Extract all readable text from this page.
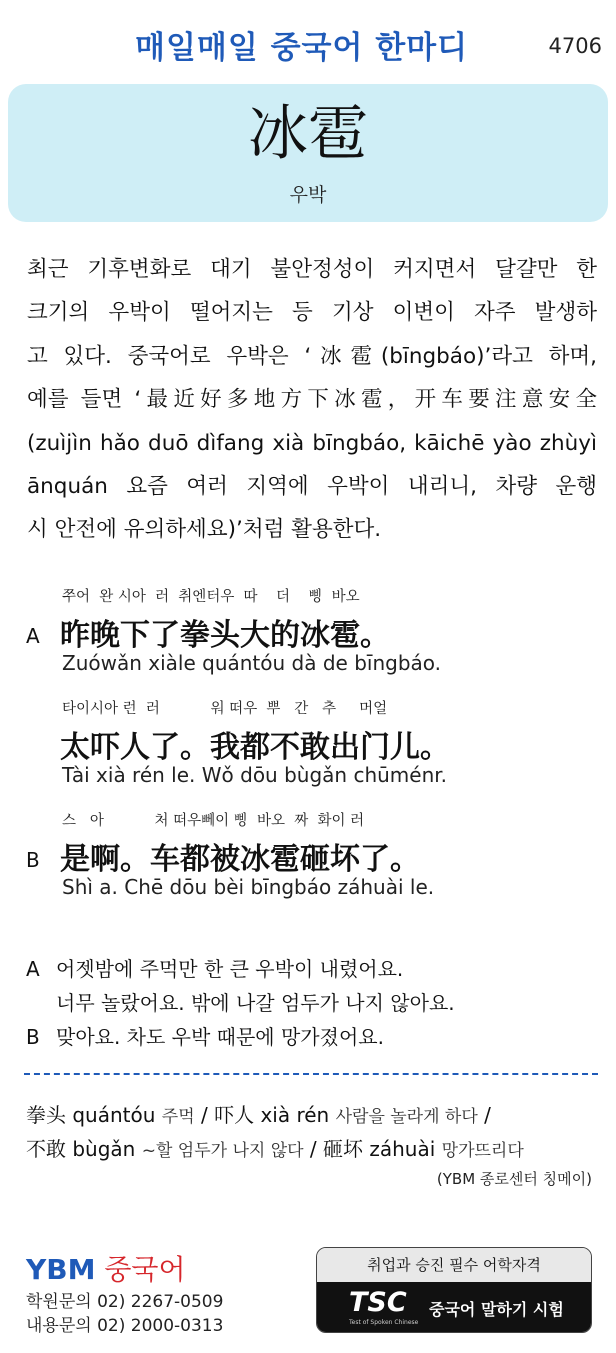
매일매일 중국어 한마디	4706
冰雹
우박

최근 기후변화로 대기 불안정성이 커지면서 달걀만 한

크기의 우박이 떨어지는 등 기상 이변이 자주 발생하

고 있다. 중국어로 우박은 ‘冰雹(bīngbáo)’라고 하며,

예를 들면 ‘最近好多地方下冰雹，开车要注意安全

(zuìjìn hǎo duō dìfang xià bīngbáo, kāichē yào zhùyì

ānquán 요즘 여러 지역에 우박이 내리니, 차량 운행

시 안전에 유의하세요)’처럼 활용한다.

쭈어  완 시아  러  취엔터우  따    더    삥  바오
A 昨晚下了拳头大的冰雹。
Zuówǎn xiàle quántóu dà de bīngbáo.
타이시아 런  러           워 떠우  뿌   간   추     머얼
太吓人了。我都不敢出门儿。
Tài xià rén le. Wǒ dōu bùgǎn chūménr.
스   아           처 떠우뻬이 삥  바오  짜  화이 러
B 是啊。车都被冰雹砸坏了。
Shì a. Chē dōu bèi bīngbáo záhuài le.
A 어젯밤에 주먹만 한 큰 우박이 내렸어요.
너무 놀랐어요. 밖에 나갈 엄두가 나지 않아요.
B 맞아요. 차도 우박 때문에 망가졌어요.
拳头 quántóu 주먹 / 吓人 xià rén 사람을 놀라게 하다 /
不敢 bùgǎn ~할 엄두가 나지 않다 / 砸坏 záhuài 망가뜨리다
(YBM 종로센터 칭메이)
YBM 중국어
학원문의 02) 2267-0509
내용문의 02) 2000-0313
취업과 승진 필수 어학자격
TSC
Test of Spoken Chinese
중국어 말하기 시험
